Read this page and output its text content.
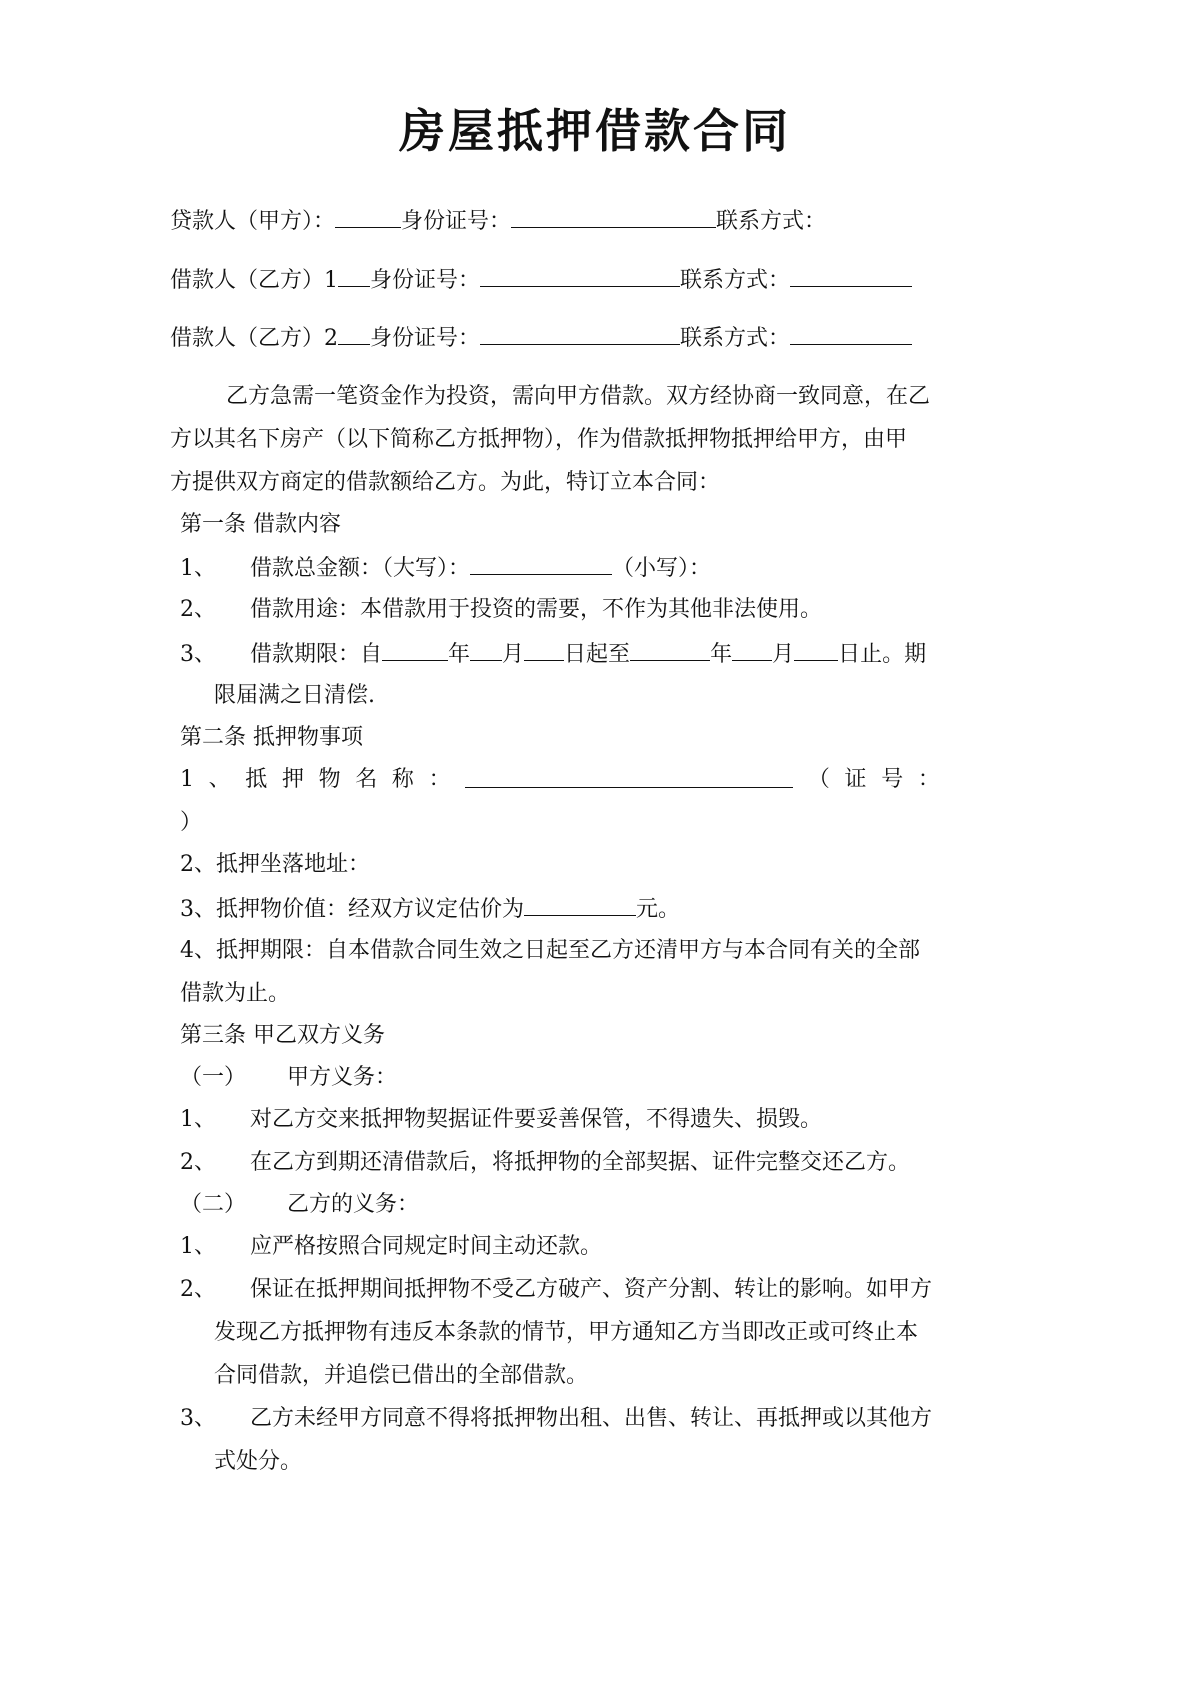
房屋抵押借款合同
贷款人（甲方）：	身份证号：	联系方式：
借款人（乙方）1 身份证号：	联系方式：
借款人（乙方）2 身份证号：	联系方式：
乙方急需一笔资金作为投资，需向甲方借款。双方经协商一致同意，在乙
方以其名下房产（以下简称乙方抵押物），作为借款抵押物抵押给甲方，由甲
方提供双方商定的借款额给乙方。为此，特订立本合同：
第一条 借款内容
1、 借款总金额：（大写）：	（小写）：
2、 借款用途：本借款用于投资的需要，不作为其他非法使用。
3、 借款期限：自	年 月 日起至	年 月 日止。期
限届满之日清偿.
第二条 抵押物事项
1 、 抵 押 物 名 称 ：	（ 证 号 ：
）
2、抵押坐落地址：
3、抵押物价值：经双方议定估价为	元。
4、抵押期限：自本借款合同生效之日起至乙方还清甲方与本合同有关的全部
借款为止。
第三条 甲乙双方义务
（一） 甲方义务：
1、 对乙方交来抵押物契据证件要妥善保管，不得遗失、损毁。
2、 在乙方到期还清借款后，将抵押物的全部契据、证件完整交还乙方。
（二） 乙方的义务：
1、 应严格按照合同规定时间主动还款。
2、 保证在抵押期间抵押物不受乙方破产、资产分割、转让的影响。如甲方
发现乙方抵押物有违反本条款的情节，甲方通知乙方当即改正或可终止本
合同借款，并追偿已借出的全部借款。
3、 乙方未经甲方同意不得将抵押物出租、出售、转让、再抵押或以其他方
式处分。
